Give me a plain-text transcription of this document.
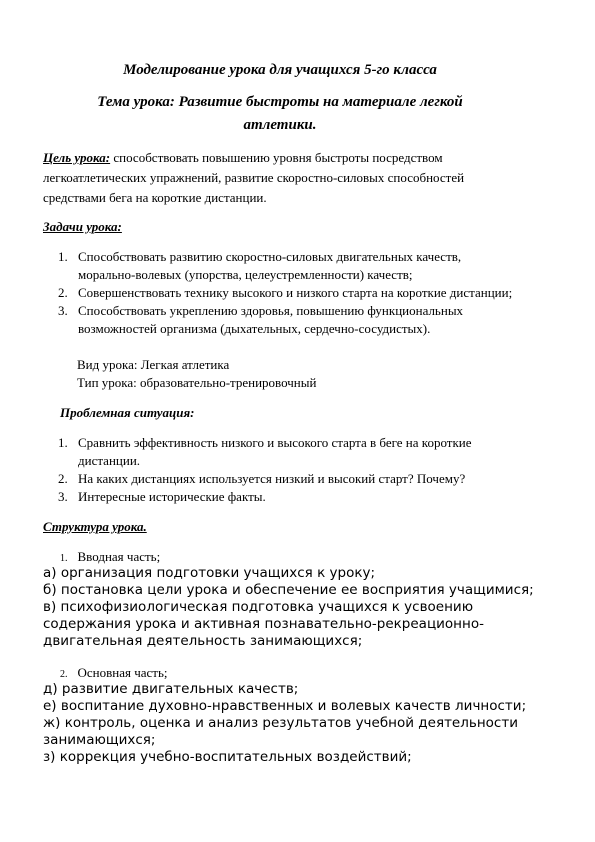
Моделирование урока для учащихся 5-го класса
Тема урока: Развитие быстроты на материале легкой
атлетики.
Цель урока: способствовать повышению уровня быстроты посредством легкоатлетических упражнений, развитие скоростно-силовых способностей средствами бега на короткие дистанции.
Задачи урока:
1. Способствовать развитию скоростно-силовых двигательных качеств, морально-волевых (упорства, целеустремленности) качеств;
2. Совершенствовать технику высокого и низкого старта на короткие дистанции;
3. Способствовать укреплению здоровья, повышению функциональных возможностей организма (дыхательных, сердечно-сосудистых).
Вид урока: Легкая атлетика
Тип урока: образовательно-тренировочный
Проблемная ситуация:
1. Сравнить эффективность низкого и высокого старта в беге на короткие дистанции.
2. На каких дистанциях используется низкий и высокий старт? Почему?
3. Интересные исторические факты.
Структура урока.
1. Вводная часть;
а) организация подготовки учащихся к уроку;
б) постановка цели урока и обеспечение ее восприятия учащимися;
в) психофизиологическая подготовка учащихся к усвоению содержания урока и активная познавательно-рекреационно-двигательная деятельность занимающихся;
2. Основная часть;
д) развитие двигательных качеств;
е) воспитание духовно-нравственных и волевых качеств личности;
ж) контроль, оценка и анализ результатов учебной деятельности занимающихся;
з) коррекция учебно-воспитательных воздействий;
